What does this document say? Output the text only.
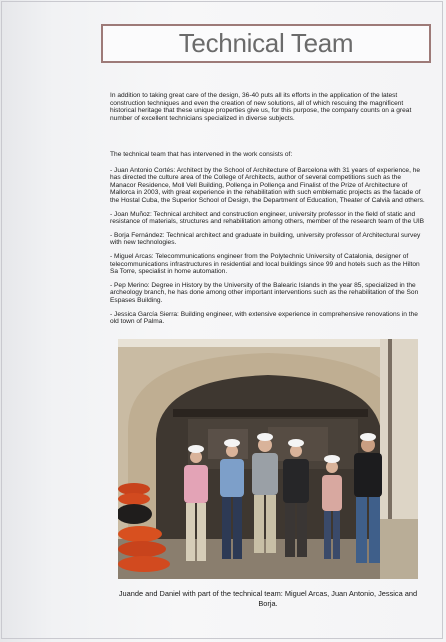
Technical Team
In addition to taking great care of the design, 36-40 puts all its efforts in the application of the latest construction techniques and even the creation of new solutions, all of which rescuing the magnificent historical heritage that these unique properties give us, for this purpose, the company counts on a great number of excellent technicians specialized in diverse subjects.

The technical team that has intervened in the work consists of:

- Juan Antonio Cortés: Architect by the School of Architecture of Barcelona with 31 years of experience, he has directed the culture area of the College of Architects, author of several competitions such as the Manacor Residence, Moll Vell Building, Pollença in Pollença and Finalist of the Prize of Architecture of Mallorca in 2003, with great experience in the rehabilitation with such emblematic projects as the facade of the Hostal Cuba, the Superior School of Design, the Department of Education, Theater of Calvià and others.

- Joan Muñoz: Technical architect and construction engineer, university professor in the field of static and resistance of materials, structures and rehabilitation among others, member of the research team of the UIB

- Borja Fernández: Technical architect and graduate in building, university professor of Architectural survey with new technologies.

- Miguel Arcas: Telecommunications engineer from the Polytechnic University of Catalonia, designer of telecommunications infrastructures in residential and local buildings since 99 and hotels such as the Hilton Sa Torre, specialist in home automation.

- Pep Merino: Degree in History by the University of the Balearic Islands in the year 85, specialized in the archeology branch, he has done among other important interventions such as the rehabilitation of the Son Espases Building.

- Jessica García Sierra: Building engineer, with extensive experience in comprehensive renovations in the old town of Palma.

Juande and Daniel with part of the technical team: Miguel Arcas, Juan Antonio, Jessica and Borja.
